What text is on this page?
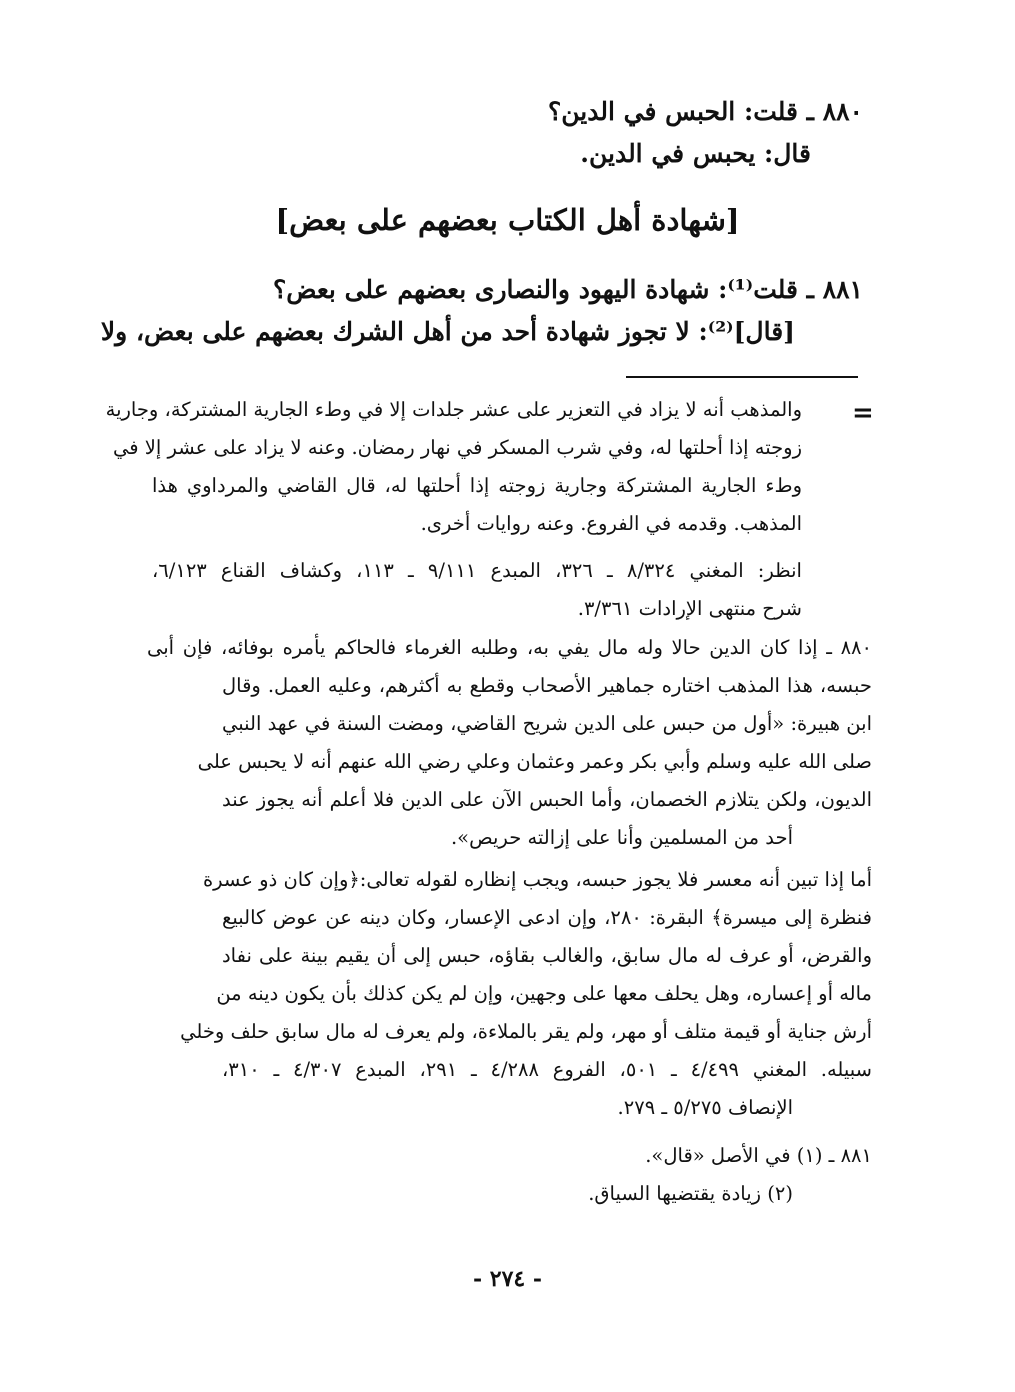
٨٨٠ ـ قلت: الحبس في الدين؟
قال: يحبس في الدين.
[شهادة أهل الكتاب بعضهم على بعض]
٨٨١ ـ قلت⁽¹⁾: شهادة اليهود والنصارى بعضهم على بعض؟
[قال]⁽²⁾: لا تجوز شهادة أحد من أهل الشرك بعضهم على بعض، ولا
=
والمذهب أنه لا يزاد في التعزير على عشر جلدات إلا في وطء الجارية المشتركة، وجارية
زوجته إذا أحلتها له، وفي شرب المسكر في نهار رمضان. وعنه لا يزاد على عشر إلا في
وطء الجارية المشتركة وجارية زوجته إذا أحلتها له، قال القاضي والمرداوي هذا
المذهب. وقدمه في الفروع. وعنه روايات أخرى.
انظر: المغني ٨/٣٢٤ ـ ٣٢٦، المبدع ٩/١١١ ـ ١١٣، وكشاف القناع ٦/١٢٣،
شرح منتهى الإرادات ٣/٣٦١.
٨٨٠ ـ إذا كان الدين حالا وله مال يفي به، وطلبه الغرماء فالحاكم يأمره بوفائه، فإن أبى
حبسه، هذا المذهب اختاره جماهير الأصحاب وقطع به أكثرهم، وعليه العمل. وقال
ابن هبيرة: «أول من حبس على الدين شريح القاضي، ومضت السنة في عهد النبي
صلى الله عليه وسلم وأبي بكر وعمر وعثمان وعلي رضي الله عنهم أنه لا يحبس على
الديون، ولكن يتلازم الخصمان، وأما الحبس الآن على الدين فلا أعلم أنه يجوز عند
أحد من المسلمين وأنا على إزالته حريص».
أما إذا تبين أنه معسر فلا يجوز حبسه، ويجب إنظاره لقوله تعالى:﴿وإن كان ذو عسرة
فنظرة إلى ميسرة﴾ البقرة: ٢٨٠، وإن ادعى الإعسار، وكان دينه عن عوض كالبيع
والقرض، أو عرف له مال سابق، والغالب بقاؤه، حبس إلى أن يقيم بينة على نفاد
ماله أو إعساره، وهل يحلف معها على وجهين، وإن لم يكن كذلك بأن يكون دينه من
أرش جناية أو قيمة متلف أو مهر، ولم يقر بالملاءة، ولم يعرف له مال سابق حلف وخلي
سبيله. المغني ٤/٤٩٩ ـ ٥٠١، الفروع ٤/٢٨٨ ـ ٢٩١، المبدع ٤/٣٠٧ ـ ٣١٠،
الإنصاف ٥/٢٧٥ ـ ٢٧٩.
٨٨١ ـ (١) في الأصل «قال».
(٢) زيادة يقتضيها السياق.
- ٢٧٤ -
